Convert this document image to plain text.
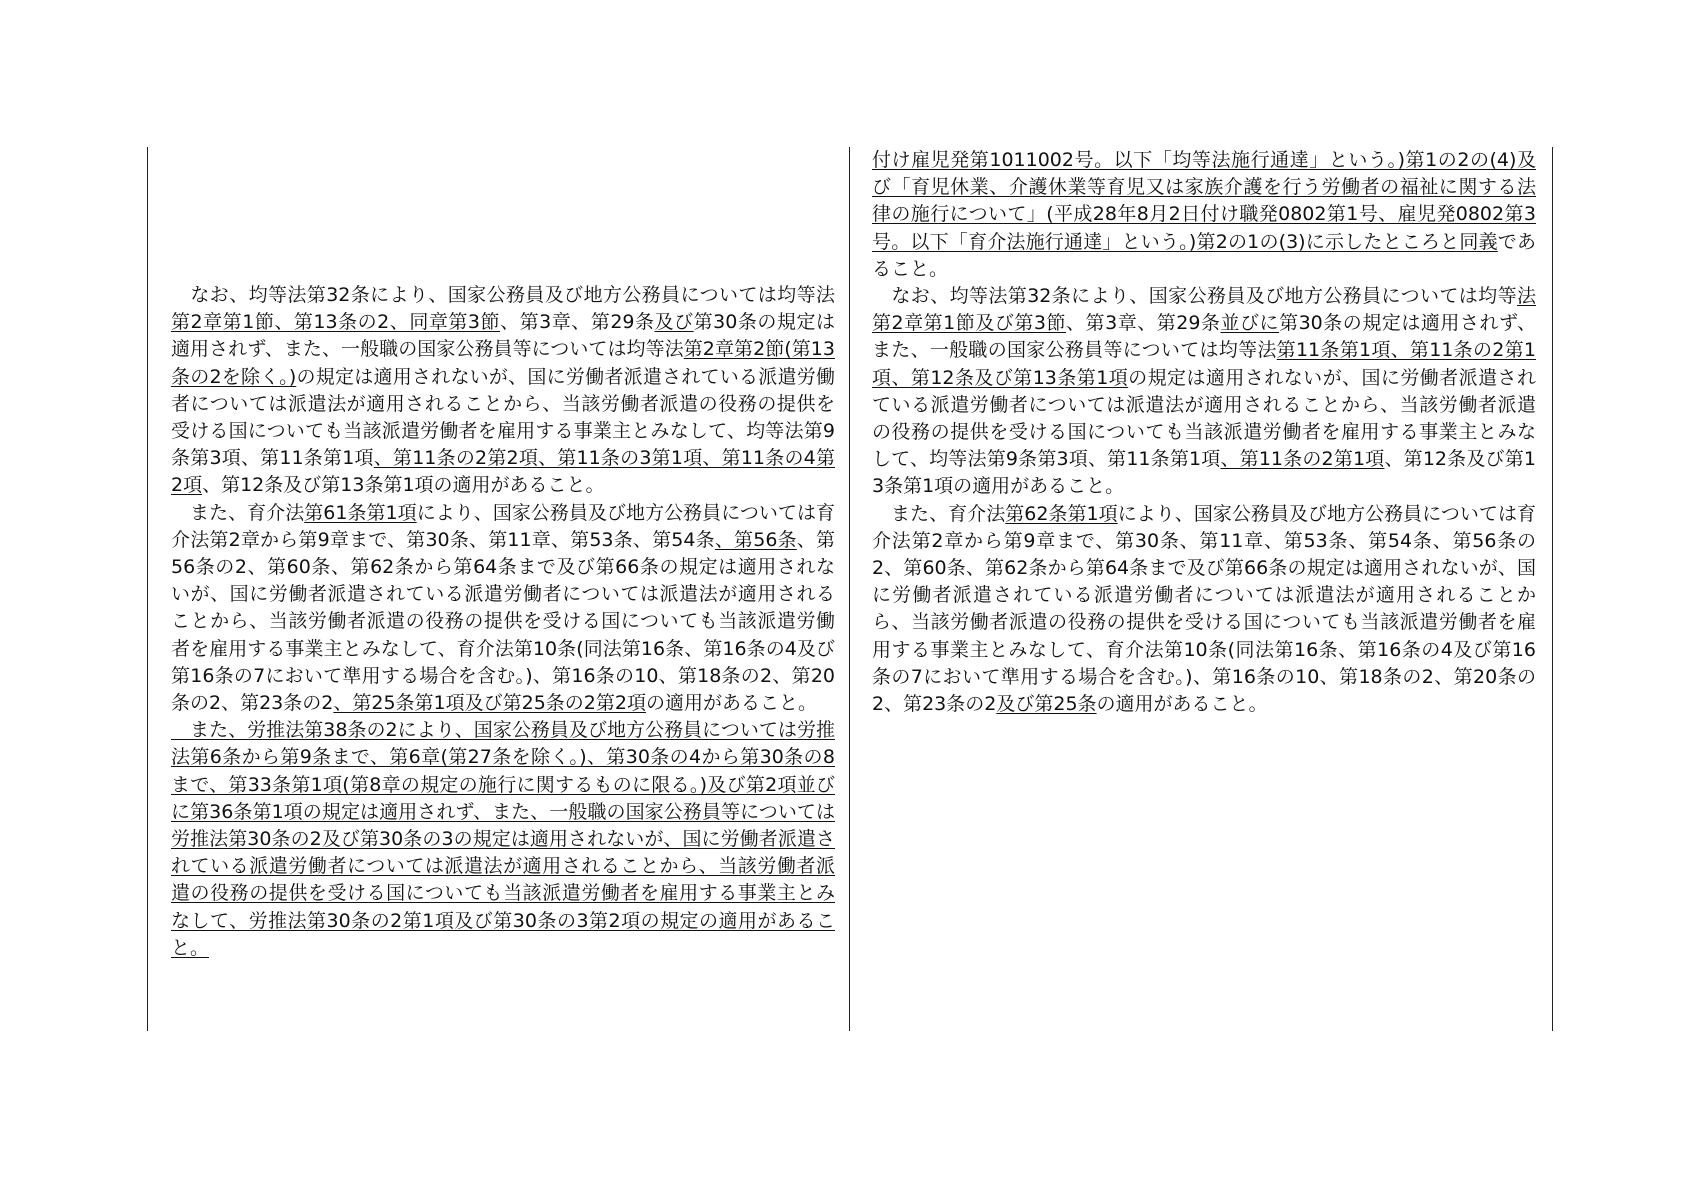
　なお、均等法第32条により、国家公務員及び地方公務員については均等法第2章第1節、第13条の2、同章第3節、第3章、第29条及び第30条の規定は適用されず、また、一般職の国家公務員等については均等法第2章第2節(第13条の2を除く。)の規定は適用されないが、国に労働者派遣されている派遣労働者については派遣法が適用されることから、当該労働者派遣の役務の提供を受ける国についても当該派遣労働者を雇用する事業主とみなして、均等法第9条第3項、第11条第1項、第11条の2第2項、第11条の3第1項、第11条の4第2項、第12条及び第13条第1項の適用があること。

　また、育介法第61条第1項により、国家公務員及び地方公務員については育介法第2章から第9章まで、第30条、第11章、第53条、第54条、第56条、第56条の2、第60条、第62条から第64条まで及び第66条の規定は適用されないが、国に労働者派遣されている派遣労働者については派遣法が適用されることから、当該労働者派遣の役務の提供を受ける国についても当該派遣労働者を雇用する事業主とみなして、育介法第10条(同法第16条、第16条の4及び第16条の7において準用する場合を含む。)、第16条の10、第18条の2、第20条の2、第23条の2、第25条第1項及び第25条の2第2項の適用があること。

　また、労推法第38条の2により、国家公務員及び地方公務員については労推法第6条から第9条まで、第6章(第27条を除く。)、第30条の4から第30条の8まで、第33条第1項(第8章の規定の施行に関するものに限る。)及び第2項並びに第36条第1項の規定は適用されず、また、一般職の国家公務員等については労推法第30条の2及び第30条の3の規定は適用されないが、国に労働者派遣されている派遣労働者については派遣法が適用されることから、当該労働者派遣の役務の提供を受ける国についても当該派遣労働者を雇用する事業主とみなして、労推法第30条の2第1項及び第30条の3第2項の規定の適用があること。

付け雇児発第1011002号。以下「均等法施行通達」という。)第1の2の(4)及び「育児休業、介護休業等育児又は家族介護を行う労働者の福祉に関する法律の施行について」(平成28年8月2日付け職発0802第1号、雇児発0802第3号。以下「育介法施行通達」という。)第2の1の(3)に示したところと同義であること。

　なお、均等法第32条により、国家公務員及び地方公務員については均等法第2章第1節及び第3節、第3章、第29条並びに第30条の規定は適用されず、また、一般職の国家公務員等については均等法第11条第1項、第11条の2第1項、第12条及び第13条第1項の規定は適用されないが、国に労働者派遣されている派遣労働者については派遣法が適用されることから、当該労働者派遣の役務の提供を受ける国についても当該派遣労働者を雇用する事業主とみなして、均等法第9条第3項、第11条第1項、第11条の2第1項、第12条及び第13条第1項の適用があること。

　また、育介法第62条第1項により、国家公務員及び地方公務員については育介法第2章から第9章まで、第30条、第11章、第53条、第54条、第56条の2、第60条、第62条から第64条まで及び第66条の規定は適用されないが、国に労働者派遣されている派遣労働者については派遣法が適用されることから、当該労働者派遣の役務の提供を受ける国についても当該派遣労働者を雇用する事業主とみなして、育介法第10条(同法第16条、第16条の4及び第16条の7において準用する場合を含む。)、第16条の10、第18条の2、第20条の2、第23条の2及び第25条の適用があること。
